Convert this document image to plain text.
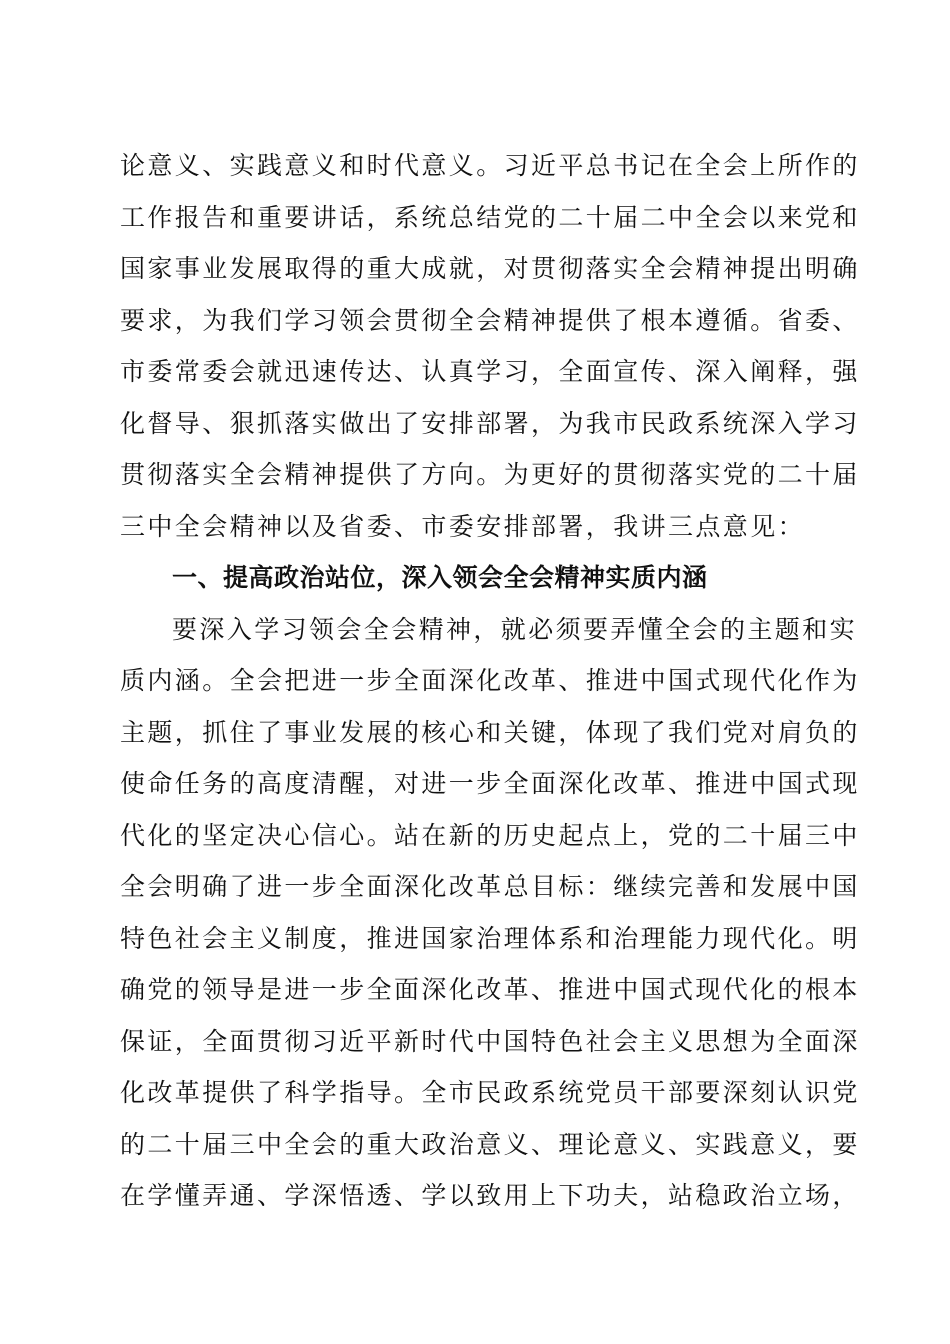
论意义、实践意义和时代意义。习近平总书记在全会上所作的
工作报告和重要讲话，系统总结党的二十届二中全会以来党和
国家事业发展取得的重大成就，对贯彻落实全会精神提出明确
要求，为我们学习领会贯彻全会精神提供了根本遵循。省委、
市委常委会就迅速传达、认真学习，全面宣传、深入阐释，强
化督导、狠抓落实做出了安排部署，为我市民政系统深入学习
贯彻落实全会精神提供了方向。为更好的贯彻落实党的二十届
三中全会精神以及省委、市委安排部署，我讲三点意见：
一、提高政治站位，深入领会全会精神实质内涵
要深入学习领会全会精神，就必须要弄懂全会的主题和实
质内涵。全会把进一步全面深化改革、推进中国式现代化作为
主题，抓住了事业发展的核心和关键，体现了我们党对肩负的
使命任务的高度清醒，对进一步全面深化改革、推进中国式现
代化的坚定决心信心。站在新的历史起点上，党的二十届三中
全会明确了进一步全面深化改革总目标：继续完善和发展中国
特色社会主义制度，推进国家治理体系和治理能力现代化。明
确党的领导是进一步全面深化改革、推进中国式现代化的根本
保证，全面贯彻习近平新时代中国特色社会主义思想为全面深
化改革提供了科学指导。全市民政系统党员干部要深刻认识党
的二十届三中全会的重大政治意义、理论意义、实践意义，要
在学懂弄通、学深悟透、学以致用上下功夫，站稳政治立场，
